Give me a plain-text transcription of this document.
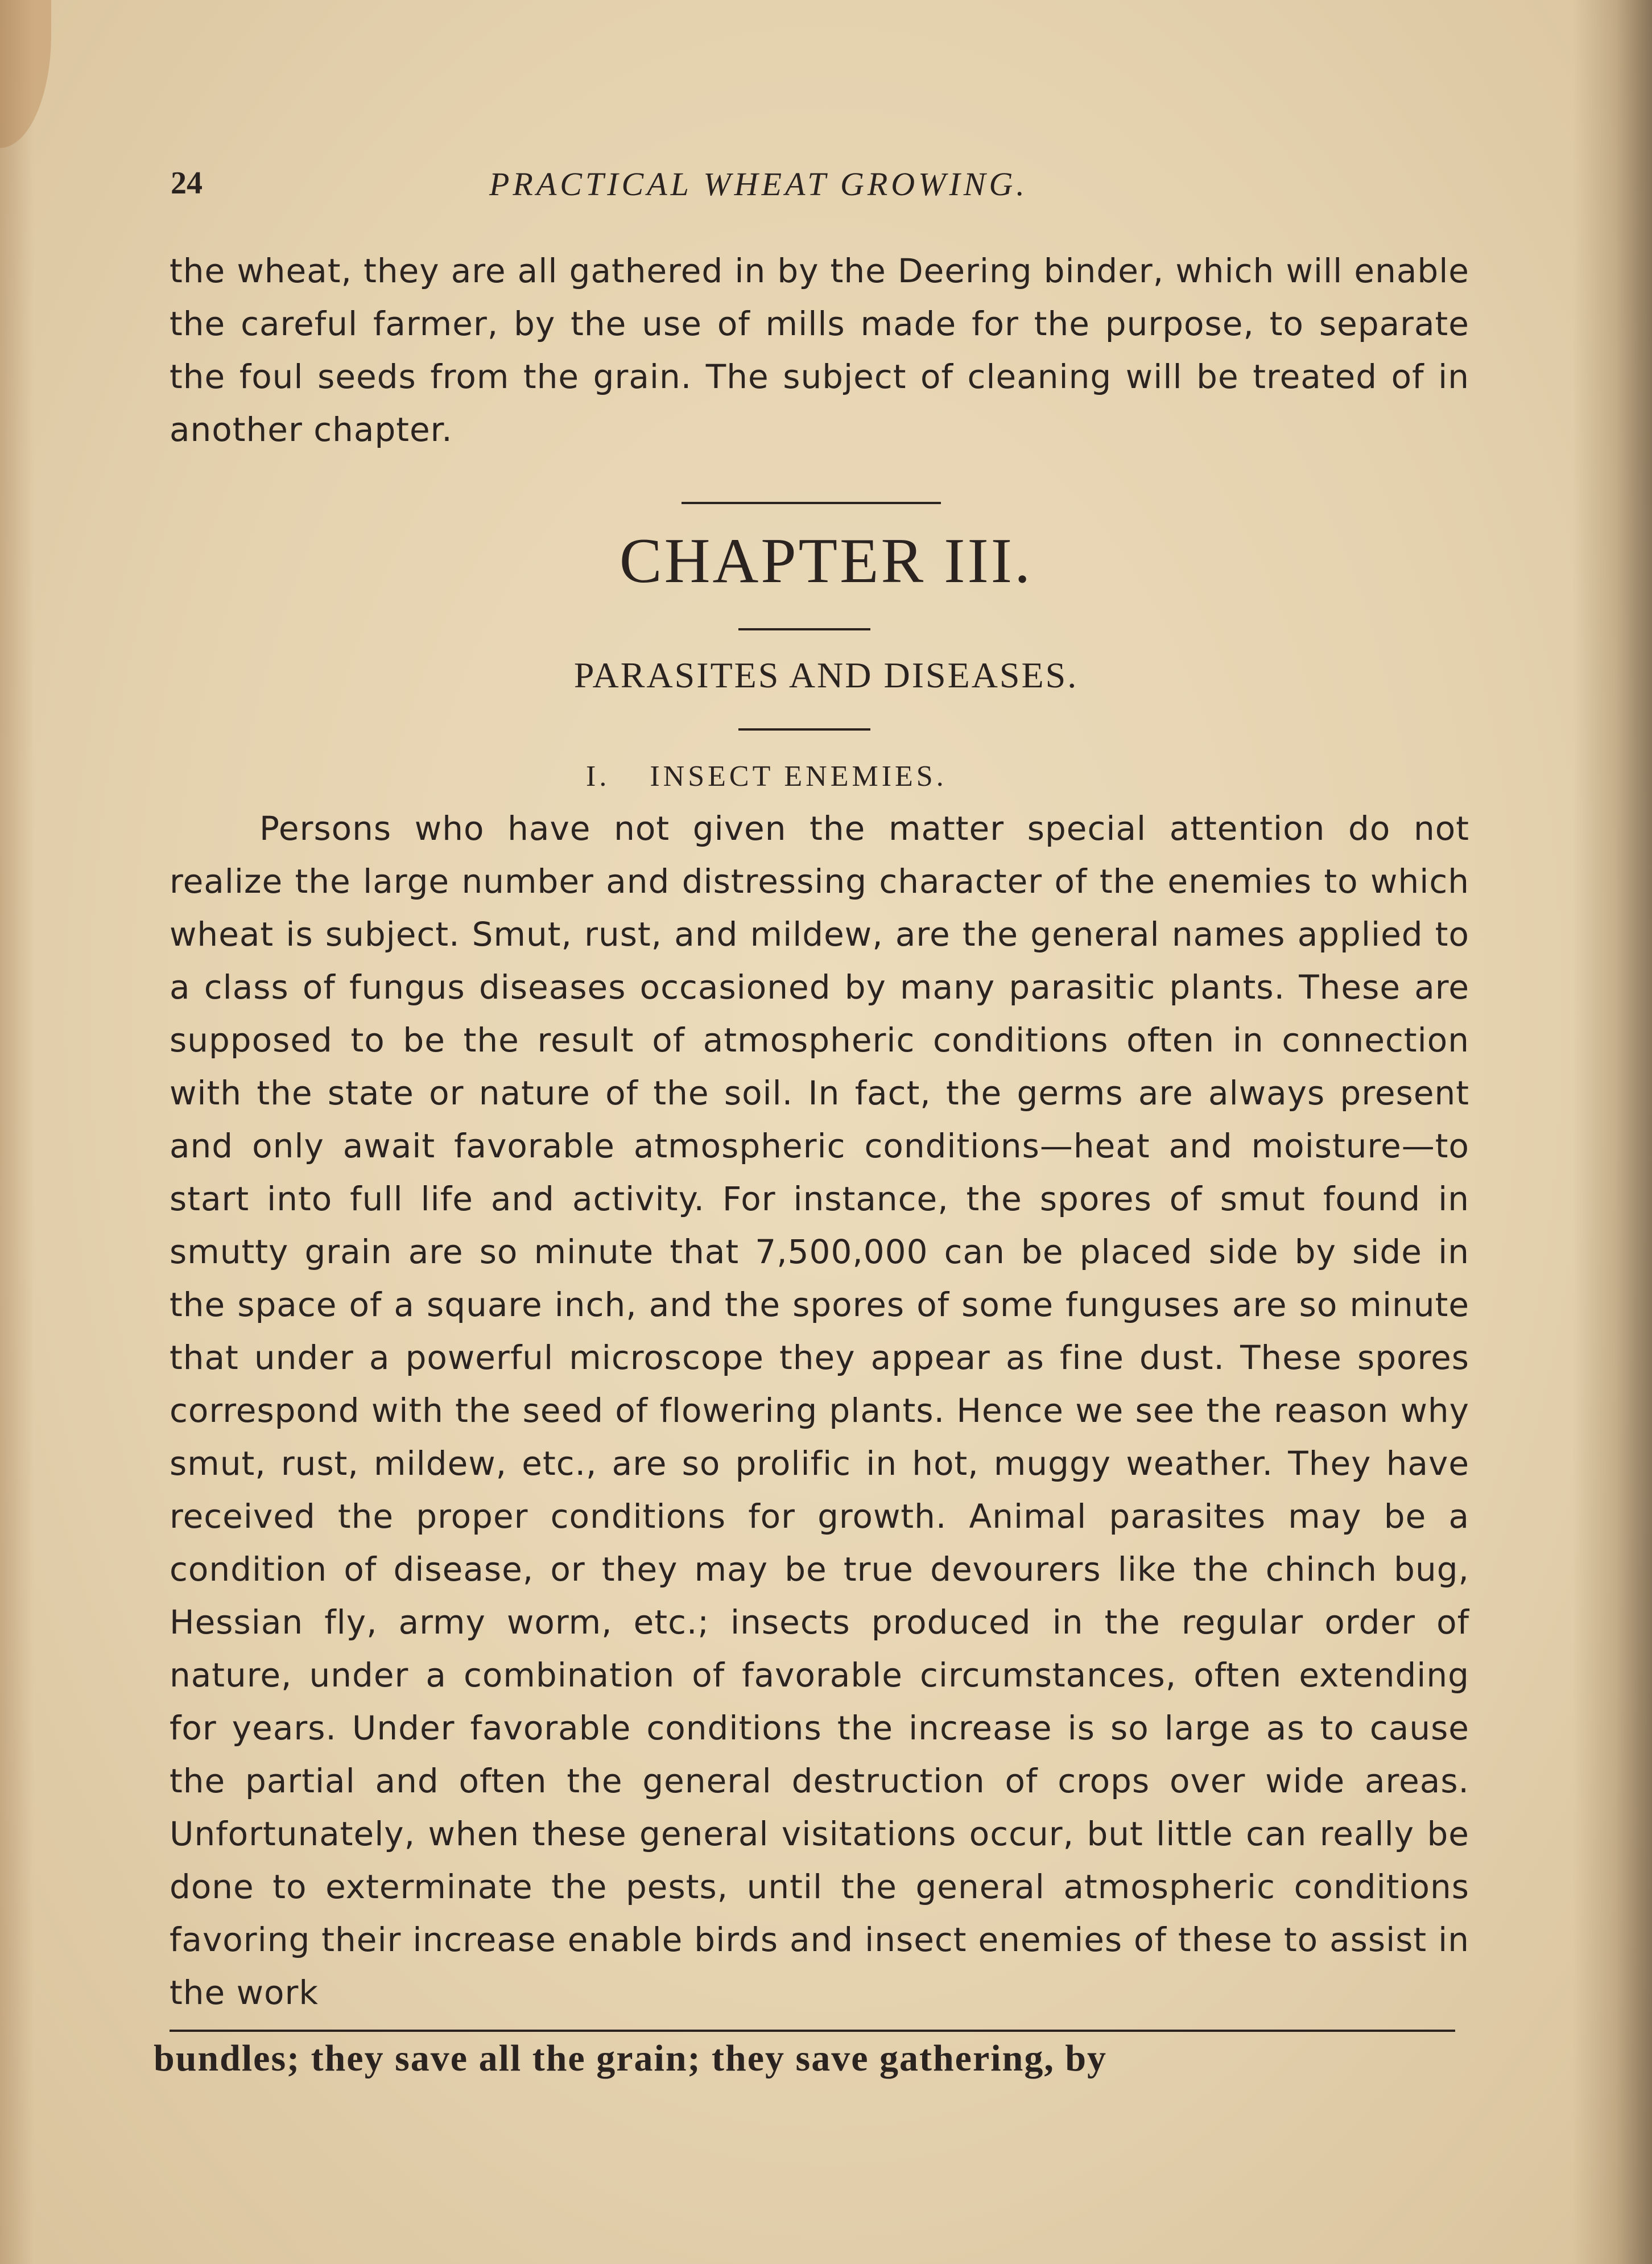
24	PRACTICAL WHEAT GROWING.
the wheat, they are all gathered in by the Deering binder, which will enable the careful farmer, by the use of mills made for the purpose, to separate the foul seeds from the grain. The subject of cleaning will be treated of in another chapter.
CHAPTER III.
PARASITES AND DISEASES.
I. INSECT ENEMIES.
Persons who have not given the matter special attention do not realize the large number and distressing character of the enemies to which wheat is subject. Smut, rust, and mildew, are the general names applied to a class of fungus diseases occasioned by many parasitic plants. These are supposed to be the result of atmospheric conditions often in connection with the state or nature of the soil. In fact, the germs are always present and only await favorable atmospheric conditions—heat and moisture—to start into full life and activity. For instance, the spores of smut found in smutty grain are so minute that 7,500,000 can be placed side by side in the space of a square inch, and the spores of some funguses are so minute that under a powerful microscope they appear as fine dust. These spores correspond with the seed of flowering plants. Hence we see the reason why smut, rust, mildew, etc., are so prolific in hot, muggy weather. They have received the proper conditions for growth. Animal parasites may be a condition of disease, or they may be true devourers like the chinch bug, Hessian fly, army worm, etc.; insects produced in the regular order of nature, under a combination of favorable circumstances, often extending for years. Under favorable conditions the increase is so large as to cause the partial and often the general destruction of crops over wide areas. Unfortunately, when these general visitations occur, but little can really be done to exterminate the pests, until the general atmospheric conditions favoring their increase enable birds and insect enemies of these to assist in the work
bundles; they save all the grain; they save gathering, by
